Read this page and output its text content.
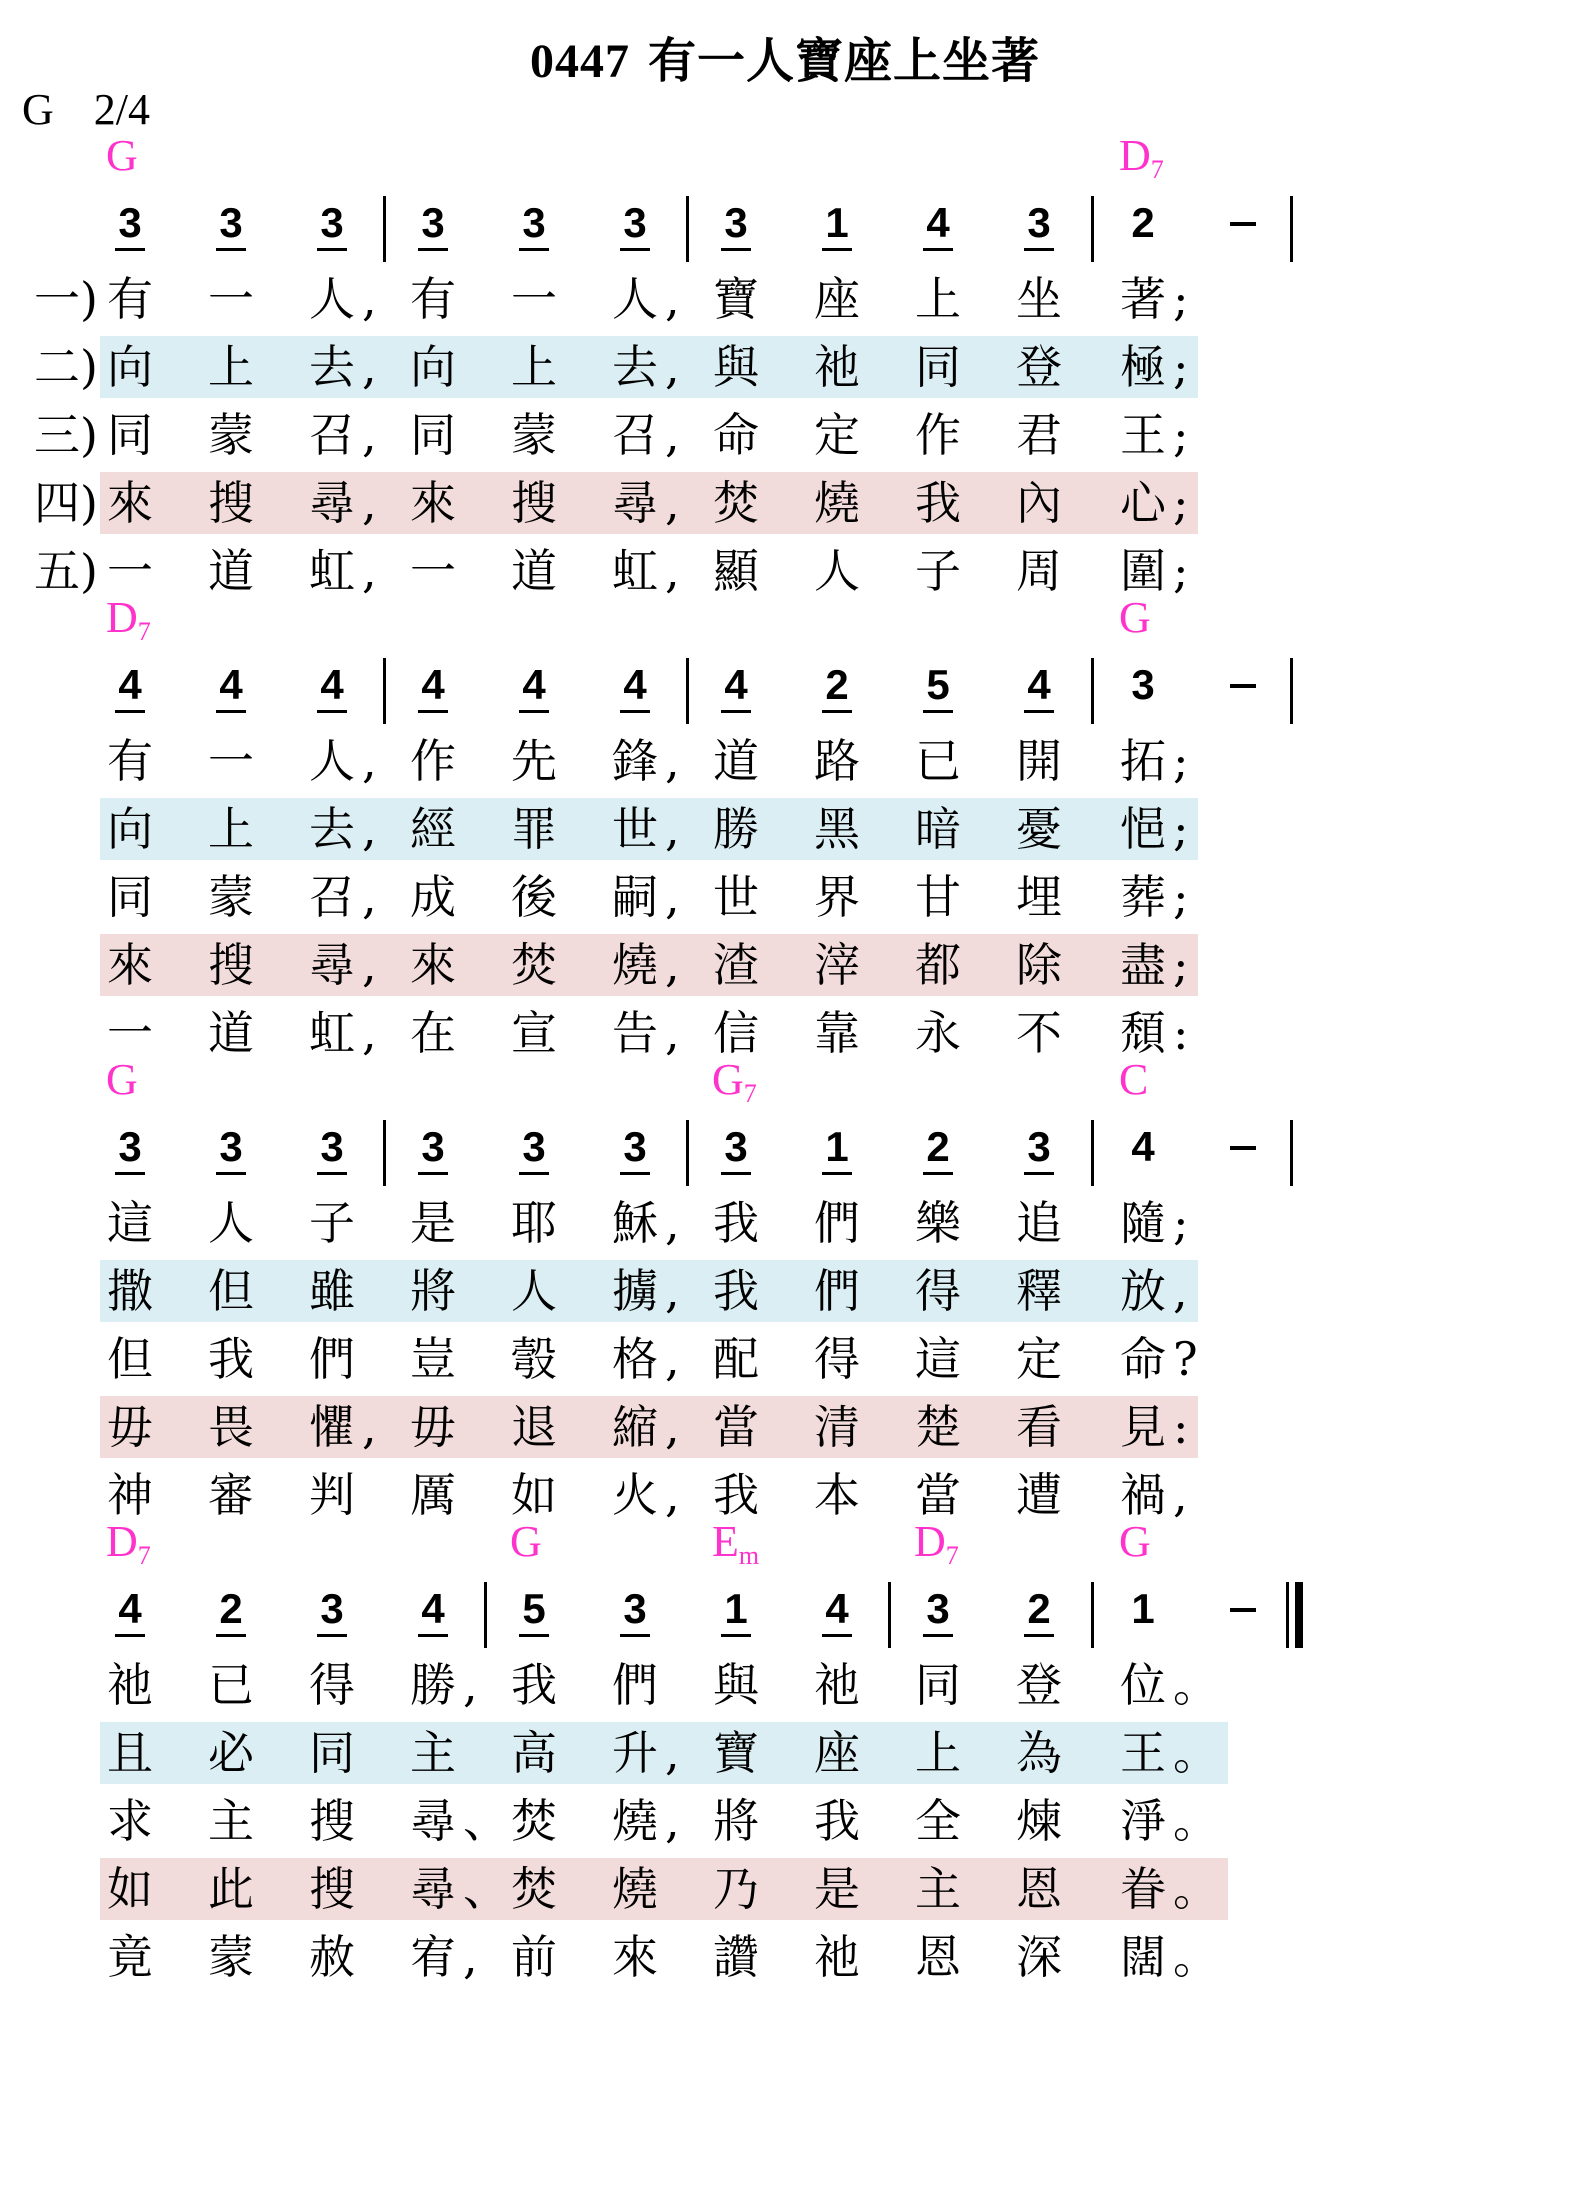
0447 有一人寶座上坐著
G 2/4
G	$D_7$
3	3	3	3	3	3	3	1	4	3	2
一) 有 一 人 , 有 一 人 , 寶 座 上 坐 著 ;
二) 向 上 去 , 向 上 去 , 與 祂 同 登 極 ;
三) 同 蒙 召 , 同 蒙 召 , 命 定 作 君 王 ;
四) 來 搜 尋 , 來 搜 尋 , 焚 燒 我 內 心 ;
五) 一 道 虹 , 一 道 虹 , 顯 人 子 周 圍 ;
$D_7$	G
4	4	4	4	4	4	4	2	5	4	3
有 一 人 , 作 先 鋒 , 道 路 已 開 拓 ;
向 上 去 , 經 罪 世 , 勝 黑 暗 憂 悒 ;
同 蒙 召 , 成 後 嗣 , 世 界 甘 埋 葬 ;
來 搜 尋 , 來 焚 燒 , 渣 滓 都 除 盡 ;
一 道 虹 , 在 宣 告 , 信 靠 永 不 頹 :
G	$G_7$	C
3	3	3	3	3	3	3	1	2	3	4
這 人 子 是 耶 穌 , 我 們 樂 追 隨 ;
撒 但 雖 將 人 擄 , 我 們 得 釋 放 ,
但 我 們 豈 彀 格 , 配 得 這 定 命 ?
毋 畏 懼 , 毋 退 縮 , 當 清 楚 看 見 :
神 審 判 厲 如 火 , 我 本 當 遭 禍 ,
$D_7$	G	$E_m$	$D_7$	G
4	2	3	4	5	3	1	4	3	2	1
祂 已 得 勝 , 我 們 與 祂 同 登 位 。
且 必 同 主 高 升 , 寶 座 上 為 王 。
求 主 搜 尋 、 焚 燒 , 將 我 全 煉 淨 。
如 此 搜 尋 、 焚 燒 乃 是 主 恩 眷 。
竟 蒙 赦 宥 , 前 來 讚 祂 恩 深 闊 。
